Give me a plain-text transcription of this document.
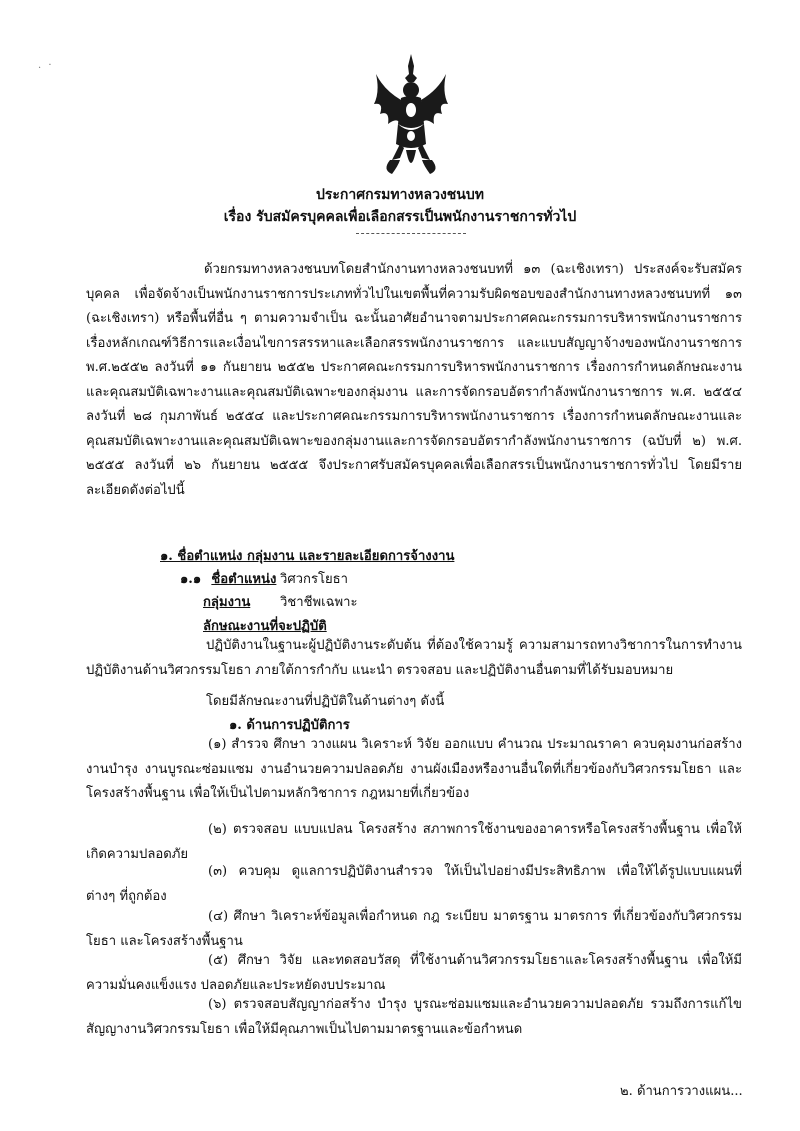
. ·
ประกาศกรมทางหลวงชนบท
เรื่อง รับสมัครบุคคลเพื่อเลือกสรรเป็นพนักงานราชการทั่วไป

ด้วยกรมทางหลวงชนบทโดยสำนักงานทางหลวงชนบทที่ ๑๓ (ฉะเชิงเทรา) ประสงค์จะรับสมัครบุคคล เพื่อจัดจ้างเป็นพนักงานราชการประเภททั่วไปในเขตพื้นที่ความรับผิดชอบของสำนักงานทางหลวงชนบทที่ ๑๓ (ฉะเชิงเทรา) หรือพื้นที่อื่น ๆ ตามความจำเป็น ฉะนั้นอาศัยอำนาจตามประกาศคณะกรรมการบริหารพนักงานราชการ เรื่องหลักเกณฑ์วิธีการและเงื่อนไขการสรรหาและเลือกสรรพนักงานราชการ และแบบสัญญาจ้างของพนักงานราชการ พ.ศ.๒๕๕๒ ลงวันที่ ๑๑ กันยายน ๒๕๕๒ ประกาศคณะกรรมการบริหารพนักงานราชการ เรื่องการกำหนดลักษณะงานและคุณสมบัติเฉพาะงานและคุณสมบัติเฉพาะของกลุ่มงาน และการจัดกรอบอัตรากำลังพนักงานราชการ พ.ศ. ๒๕๕๔ ลงวันที่ ๒๘ กุมภาพันธ์ ๒๕๕๔ และประกาศคณะกรรมการบริหารพนักงานราชการ เรื่องการกำหนดลักษณะงานและคุณสมบัติเฉพาะงานและคุณสมบัติเฉพาะของกลุ่มงานและการจัดกรอบอัตรากำลังพนักงานราชการ (ฉบับที่ ๒) พ.ศ. ๒๕๕๕ ลงวันที่ ๒๖ กันยายน ๒๕๕๕ จึงประกาศรับสมัครบุคคลเพื่อเลือกสรรเป็นพนักงานราชการทั่วไป โดยมีรายละเอียดดังต่อไปนี้

๑. ชื่อตำแหน่ง กลุ่มงาน และรายละเอียดการจ้างงาน

๑.๑ ชื่อตำแหน่ง วิศวกรโยธา

กลุ่มงาน วิชาชีพเฉพาะ

ลักษณะงานที่จะปฏิบัติ

ปฏิบัติงานในฐานะผู้ปฏิบัติงานระดับต้น ที่ต้องใช้ความรู้ ความสามารถทางวิชาการในการทำงาน ปฏิบัติงานด้านวิศวกรรมโยธา ภายใต้การกำกับ แนะนำ ตรวจสอบ และปฏิบัติงานอื่นตามที่ได้รับมอบหมาย

โดยมีลักษณะงานที่ปฏิบัติในด้านต่างๆ ดังนี้

๑. ด้านการปฏิบัติการ

(๑) สำรวจ ศึกษา วางแผน วิเคราะห์ วิจัย ออกแบบ คำนวณ ประมาณราคา ควบคุมงานก่อสร้าง งานบำรุง งานบูรณะซ่อมแซม งานอำนวยความปลอดภัย งานผังเมืองหรืองานอื่นใดที่เกี่ยวข้องกับวิศวกรรมโยธา และโครงสร้างพื้นฐาน เพื่อให้เป็นไปตามหลักวิชาการ กฎหมายที่เกี่ยวข้อง

(๒) ตรวจสอบ แบบแปลน โครงสร้าง สภาพการใช้งานของอาคารหรือโครงสร้างพื้นฐาน เพื่อให้เกิดความปลอดภัย

(๓) ควบคุม ดูแลการปฏิบัติงานสำรวจ ให้เป็นไปอย่างมีประสิทธิภาพ เพื่อให้ได้รูปแบบแผนที่ต่างๆ ที่ถูกต้อง

(๔) ศึกษา วิเคราะห์ข้อมูลเพื่อกำหนด กฎ ระเบียบ มาตรฐาน มาตรการ ที่เกี่ยวข้องกับวิศวกรรมโยธา และโครงสร้างพื้นฐาน

(๕) ศึกษา วิจัย และทดสอบวัสดุ ที่ใช้งานด้านวิศวกรรมโยธาและโครงสร้างพื้นฐาน เพื่อให้มีความมั่นคงแข็งแรง ปลอดภัยและประหยัดงบประมาณ

(๖) ตรวจสอบสัญญาก่อสร้าง บำรุง บูรณะซ่อมแซมและอำนวยความปลอดภัย รวมถึงการแก้ไขสัญญางานวิศวกรรมโยธา เพื่อให้มีคุณภาพเป็นไปตามมาตรฐานและข้อกำหนด

๒. ด้านการวางแผน...
